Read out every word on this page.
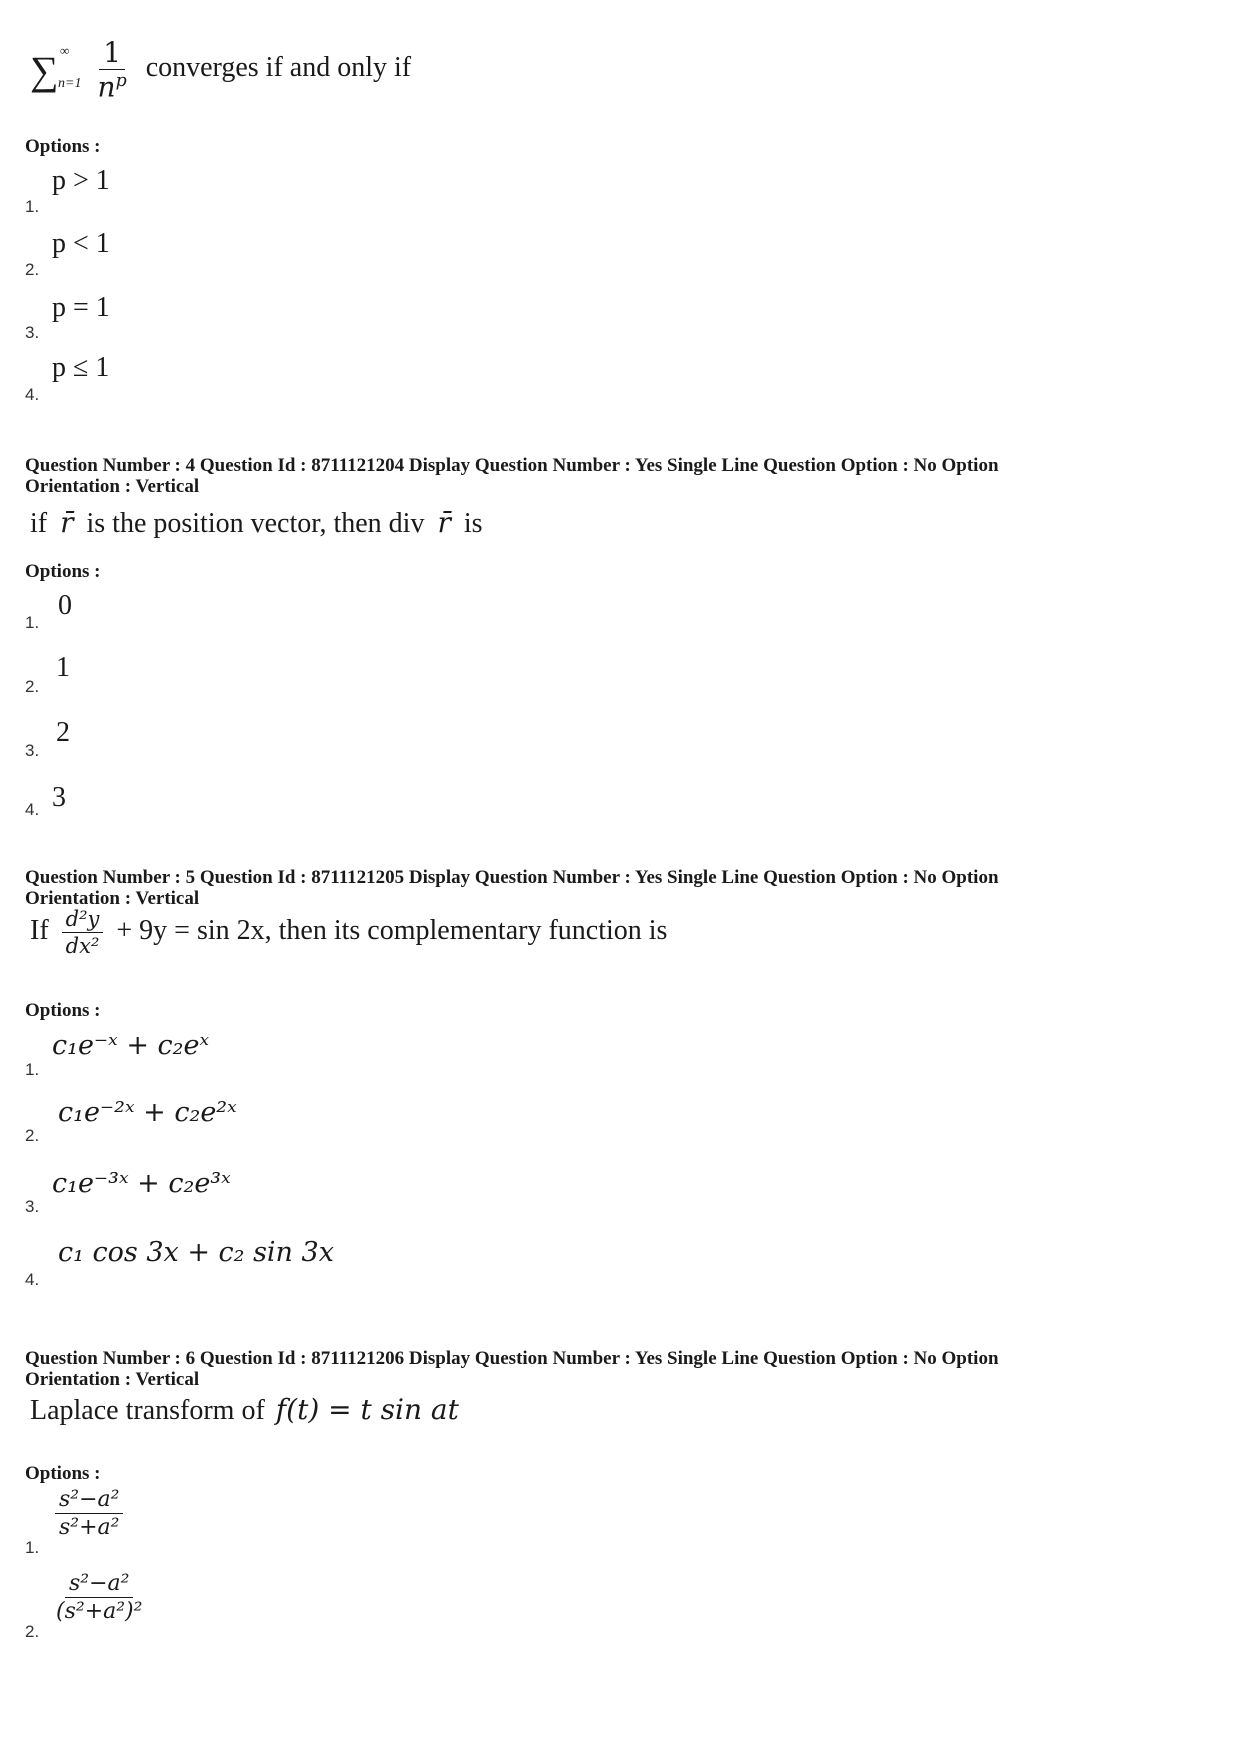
∑ ∞
n=1
$\frac{1}{n^p}$ converges if and only if
Options :
1.
p > 1
2.
p < 1
3.
p = 1
4.
p ≤ 1
Question Number : 4 Question Id : 8711121204 Display Question Number : Yes Single Line Question Option : No Option
Orientation : Vertical
if r̄ is the position vector, then div r̄ is
Options :
1.
0
2.
1
3.
2
4. 3
Question Number : 5 Question Id : 8711121205 Display Question Number : Yes Single Line Question Option : No Option
Orientation : Vertical
If $\frac{\text{d²y}}{\text{dx²}} + 9y = \sin 2x$, then its complementary function is
Options :
1.
c₁e⁻ˣ + c₂eˣ
2.
c₁e⁻²ˣ + c₂e²ˣ
3.
c₁e⁻³ˣ + c₂e³ˣ
4.
c₁ cos 3x + c₂ sin 3x
Question Number : 6 Question Id : 8711121206 Display Question Number : Yes Single Line Question Option : No Option
Orientation : Vertical
Laplace transform of f(t) = t sin at
Options :
1.
$\frac{\text{s²−a²}}{\text{s²+a²}}$
2.
$\frac{\text{s²−a²}}{\text{(s²+a²)²}}$
